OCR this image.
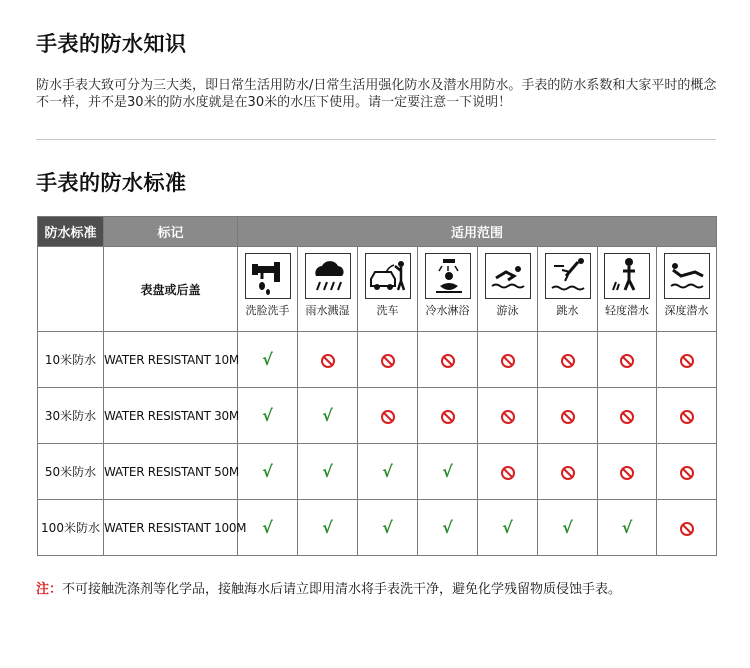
手表的防水知识
防水手表大致可分为三大类，即日常生活用防水/日常生活用强化防水及潜水用防水。手表的防水系数和大家平时的概念不一样，并不是30米的防水度就是在30米的水压下使用。请一定要注意一下说明！
手表的防水标准
防水标准	标记	适用范围							
	表盘或后盖	洗脸洗手	雨水溅湿	洗车	冷水淋浴	游泳	跳水	轻度潜水	深度潜水

10米防水	WATER RESISTANT 10M	√							
30米防水	WATER RESISTANT 30M	√	√						
50米防水	WATER RESISTANT 50M	√	√	√	√				
100米防水	WATER RESISTANT 100M	√	√	√	√	√	√	√	
注：不可接触洗涤剂等化学品，接触海水后请立即用清水将手表洗干净，避免化学残留物质侵蚀手表。
